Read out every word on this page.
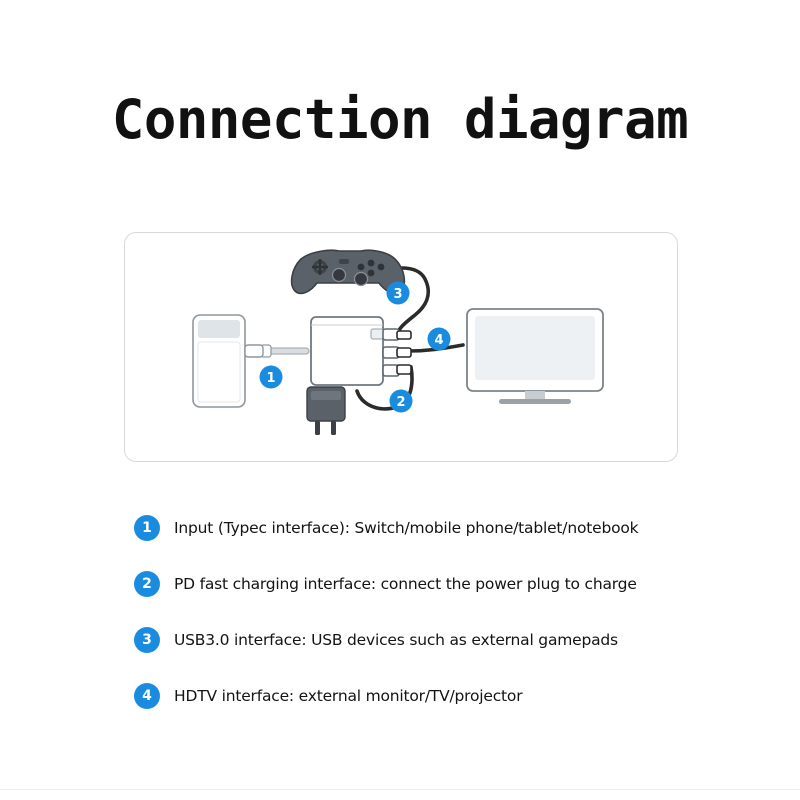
Connection diagram
1
2
3
4
1	Input (Typec interface): Switch/mobile phone/tablet/notebook
2	PD fast charging interface: connect the power plug to charge
3	USB3.0 interface: USB devices such as external gamepads
4	HDTV interface: external monitor/TV/projector
